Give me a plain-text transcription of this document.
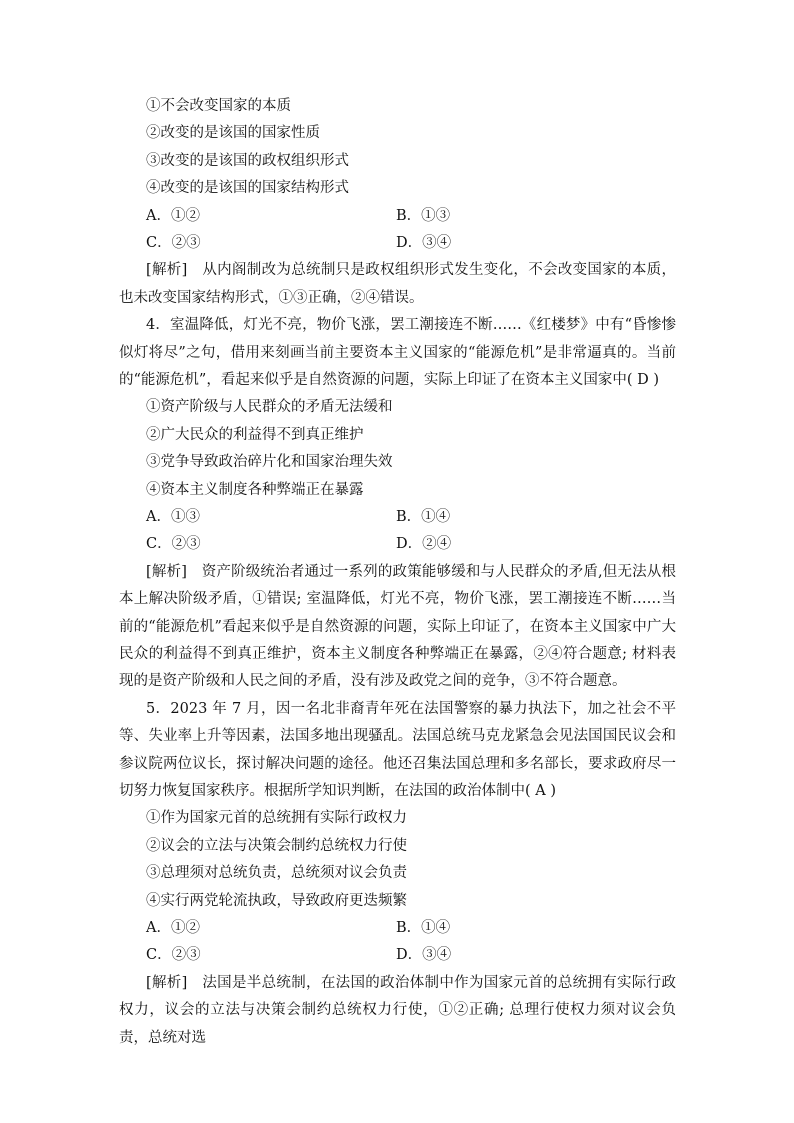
①不会改变国家的本质
②改变的是该国的国家性质
③改变的是该国的政权组织形式
④改变的是该国的国家结构形式
A．①②	B．①③
C．②③	D．③④
[解析]　从内阁制改为总统制只是政权组织形式发生变化，不会改变国家的本质，也未改变国家结构形式，①③正确，②④错误。
4．室温降低，灯光不亮，物价飞涨，罢工潮接连不断……《红楼梦》中有“昏惨惨似灯将尽”之句，借用来刻画当前主要资本主义国家的“能源危机”是非常逼真的。当前的“能源危机”，看起来似乎是自然资源的问题，实际上印证了在资本主义国家中( D )
①资产阶级与人民群众的矛盾无法缓和
②广大民众的利益得不到真正维护
③党争导致政治碎片化和国家治理失效
④资本主义制度各种弊端正在暴露
A．①③	B．①④
C．②③	D．②④
[解析]　资产阶级统治者通过一系列的政策能够缓和与人民群众的矛盾,但无法从根本上解决阶级矛盾，①错误; 室温降低，灯光不亮，物价飞涨，罢工潮接连不断……当前的“能源危机”看起来似乎是自然资源的问题，实际上印证了，在资本主义国家中广大民众的利益得不到真正维护，资本主义制度各种弊端正在暴露，②④符合题意; 材料表现的是资产阶级和人民之间的矛盾，没有涉及政党之间的竞争，③不符合题意。
5．2023 年 7 月，因一名北非裔青年死在法国警察的暴力执法下，加之社会不平等、失业率上升等因素，法国多地出现骚乱。法国总统马克龙紧急会见法国国民议会和参议院两位议长，探讨解决问题的途径。他还召集法国总理和多名部长，要求政府尽一切努力恢复国家秩序。根据所学知识判断，在法国的政治体制中( A )
①作为国家元首的总统拥有实际行政权力
②议会的立法与决策会制约总统权力行使
③总理须对总统负责，总统须对议会负责
④实行两党轮流执政，导致政府更迭频繁
A．①②	B．①④
C．②③	D．③④
[解析]　法国是半总统制，在法国的政治体制中作为国家元首的总统拥有实际行政权力，议会的立法与决策会制约总统权力行使，①②正确; 总理行使权力须对议会负责，总统对选
